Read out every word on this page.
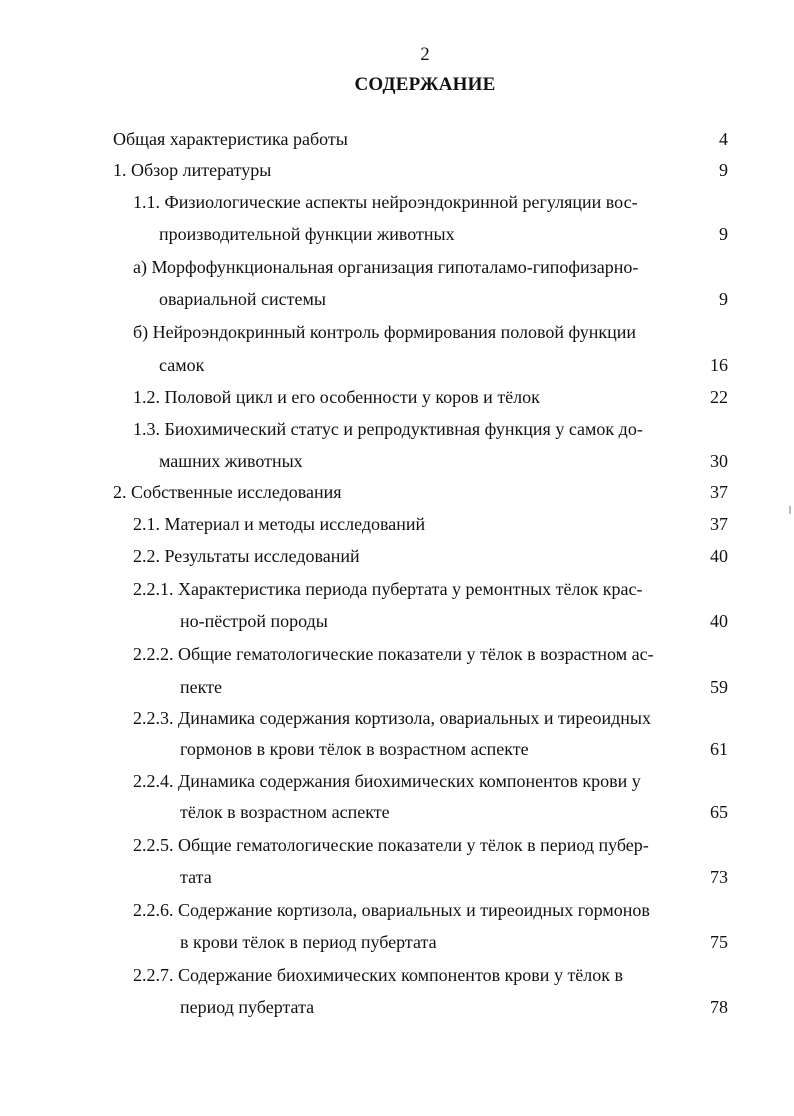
2
СОДЕРЖАНИЕ
Общая характеристика работы	4
1. Обзор литературы	9
1.1. Физиологические аспекты нейроэндокринной регуляции вос-
производительной функции животных	9
а) Морфофункциональная организация гипоталамо-гипофизарно-
овариальной системы	9
б) Нейроэндокринный контроль формирования половой функции
самок	16
1.2. Половой цикл и его особенности у коров и тёлок	22
1.3. Биохимический статус и репродуктивная функция у самок до-
машних животных	30
2. Собственные исследования	37
2.1. Материал и методы исследований	37
2.2. Результаты исследований	40
2.2.1. Характеристика периода пубертата у ремонтных тёлок крас-
но-пёстрой породы	40
2.2.2. Общие гематологические показатели у тёлок в возрастном ас-
пекте	59
2.2.3. Динамика содержания кортизола, овариальных и тиреоидных
гормонов в крови тёлок в возрастном аспекте	61
2.2.4. Динамика содержания биохимических компонентов крови у
тёлок в возрастном аспекте	65
2.2.5. Общие гематологические показатели у тёлок в период пубер-
тата	73
2.2.6. Содержание кортизола, овариальных и тиреоидных гормонов
в крови тёлок в период пубертата	75
2.2.7. Содержание биохимических компонентов крови у тёлок в
период пубертата	78
